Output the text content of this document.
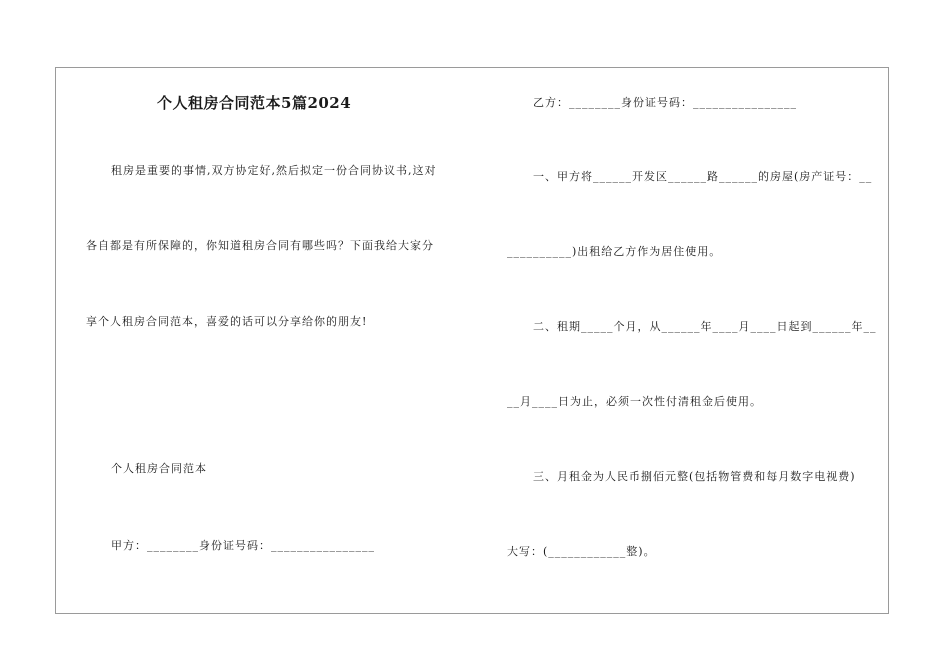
个人租房合同范本5篇2024
租房是重要的事情,双方协定好,然后拟定一份合同协议书,这对
各自都是有所保障的，你知道租房合同有哪些吗？下面我给大家分
享个人租房合同范本，喜爱的话可以分享给你的朋友!
个人租房合同范本
甲方：________身份证号码：________________
乙方：________身份证号码：________________
一、甲方将______开发区______路______的房屋(房产证号：__
__________)出租给乙方作为居住使用。
二、租期_____个月，从______年____月____日起到______年__
__月____日为止，必须一次性付清租金后使用。
三、月租金为人民币捌佰元整(包括物管费和每月数字电视费)
大写：(____________整)。
